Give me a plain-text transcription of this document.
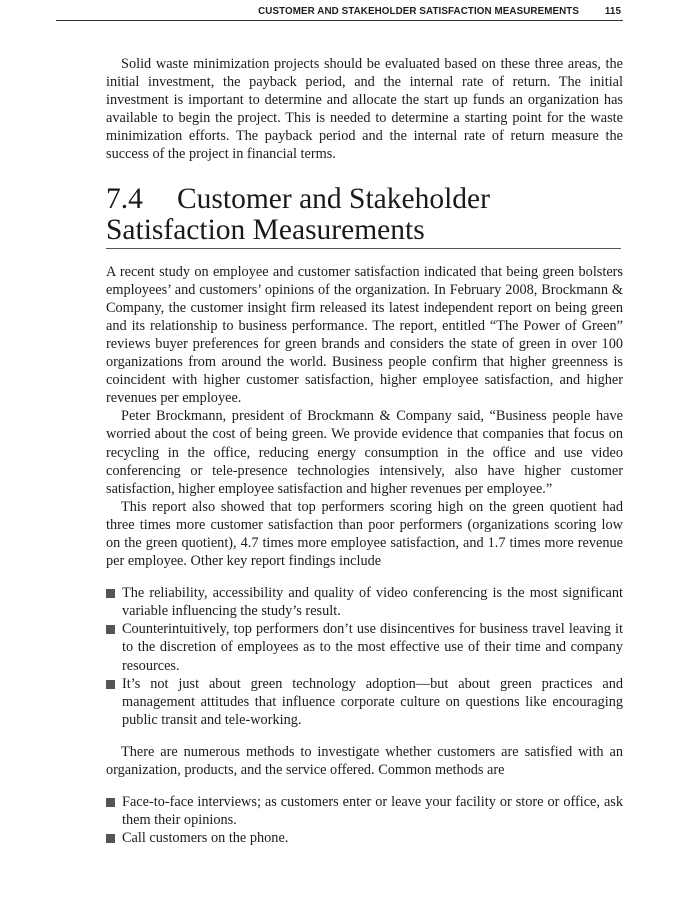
CUSTOMER AND STAKEHOLDER SATISFACTION MEASUREMENTS	115

Solid waste minimization projects should be evaluated based on these three areas, the initial investment, the payback period, and the internal rate of return. The initial investment is important to determine and allocate the start up funds an organization has available to begin the project. This is needed to determine a starting point for the waste minimization efforts. The payback period and the internal rate of return measure the success of the project in financial terms.

7.4 Customer and Stakeholder Satisfaction Measurements

A recent study on employee and customer satisfaction indicated that being green bolsters employees’ and customers’ opinions of the organization. In February 2008, Brockmann & Company, the customer insight firm released its latest independent report on being green and its relationship to business performance. The report, entitled “The Power of Green” reviews buyer preferences for green brands and considers the state of green in over 100 organizations from around the world. Business people confirm that higher greenness is coincident with higher customer satisfaction, higher employee satisfaction, and higher revenues per employee.

Peter Brockmann, president of Brockmann & Company said, “Business people have worried about the cost of being green. We provide evidence that companies that focus on recycling in the office, reducing energy consumption in the office and use video conferencing or tele-presence technologies intensively, also have higher customer satisfaction, higher employee satisfaction and higher revenues per employee.”

This report also showed that top performers scoring high on the green quotient had three times more customer satisfaction than poor performers (organizations scoring low on the green quotient), 4.7 times more employee satisfaction, and 1.7 times more revenue per employee. Other key report findings include

The reliability, accessibility and quality of video conferencing is the most significant variable influencing the study’s result.
Counterintuitively, top performers don’t use disincentives for business travel leaving it to the discretion of employees as to the most effective use of their time and company resources.
It’s not just about green technology adoption—but about green practices and management attitudes that influence corporate culture on questions like encouraging public transit and tele-working.

There are numerous methods to investigate whether customers are satisfied with an organization, products, and the service offered. Common methods are

Face-to-face interviews; as customers enter or leave your facility or store or office, ask them their opinions.
Call customers on the phone.
